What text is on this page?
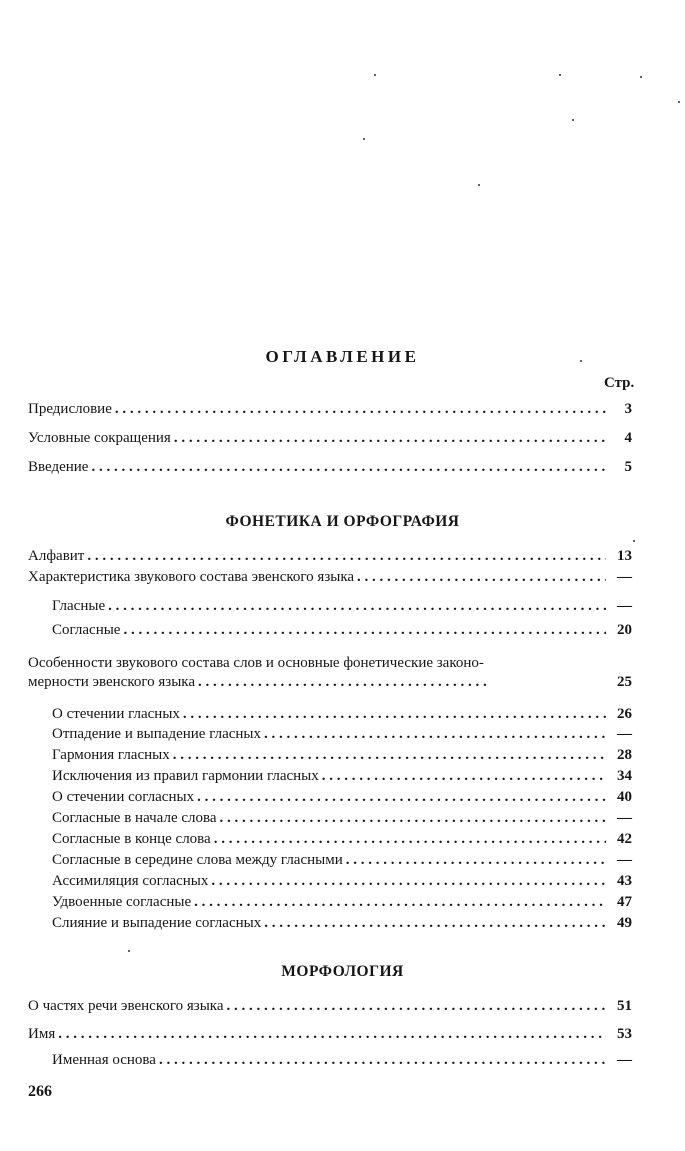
ОГЛАВЛЕНИЕ
Стр.
Предисловие . . .	3
Условные сокращения . . .	4
Введение . . .	5
ФОНЕТИКА И ОРФОГРАФИЯ
Алфавит . . .	13
Характеристика звукового состава эвенского языка . . .	—
Гласные . . .	—
Согласные . . .	20
Особенности звукового состава слов и основные фонетические законо-
мерности эвенского языка . . .	25
О стечении гласных . . .	26
Отпадение и выпадение гласных . . .	—
Гармония гласных . . .	28
Исключения из правил гармонии гласных . . .	34
О стечении согласных . . .	40
Согласные в начале слова . . .	—
Согласные в конце слова . . .	42
Согласные в середине слова между гласными . . .	—
Ассимиляция согласных . . .	43
Удвоенные согласные . . .	47
Слияние и выпадение согласных . . .	49
МОРФОЛОГИЯ
О частях речи эвенского языка . . .	51
Имя . . .	53
Именная основа . . .	—
266
